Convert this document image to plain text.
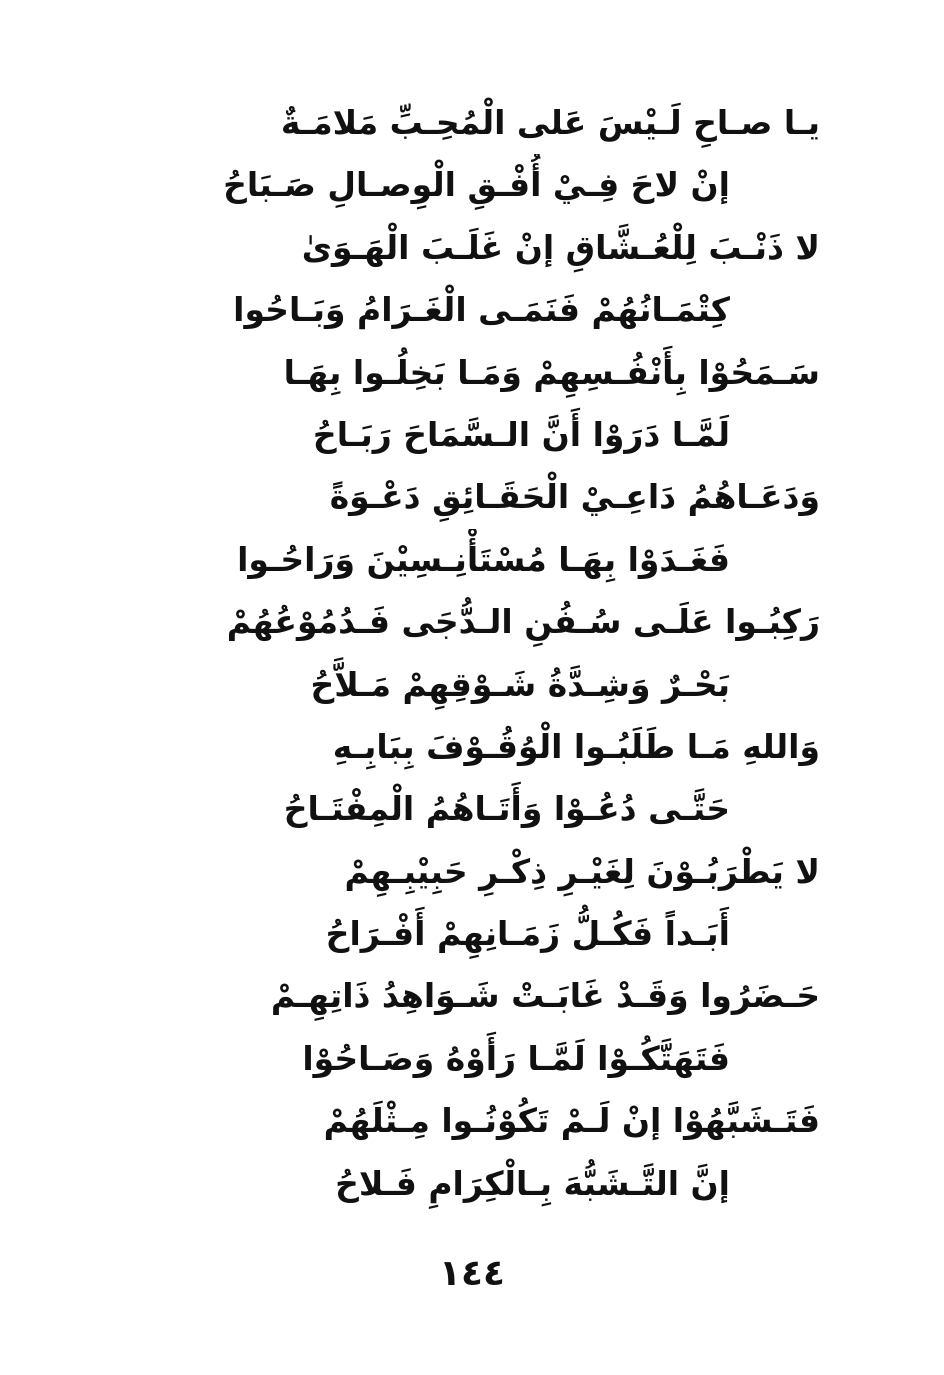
يـا صـاحِ لَـيْسَ عَلى الْمُحِـبِّ مَلامَـةٌ
إنْ لاحَ فِـيْ أُفْـقِ الْوِصـالِ صَـبَاحُ
لا ذَنْـبَ لِلْعُـشَّاقِ إنْ غَلَـبَ الْهَـوَىٰ
كِتْمَـانُهُمْ فَنَمَـى الْغَـرَامُ وَبَـاحُوا
سَـمَحُوْا بِأَنْفُـسِهِمْ وَمَـا بَخِلُـوا بِهَـا
لَمَّـا دَرَوْا أَنَّ الـسَّمَاحَ رَبَـاحُ
وَدَعَـاهُمُ دَاعِـيْ الْحَقَـائِقِ دَعْـوَةً
فَغَـدَوْا بِهَـا مُسْتَأْنِـسِيْنَ وَرَاحُـوا
رَكِبُـوا عَلَـى سُـفُنِ الـدُّجَى فَـدُمُوْعُهُمْ
بَحْـرٌ وَشِـدَّةُ شَـوْقِهِمْ مَـلاَّحُ
وَاللهِ مَـا طَلَبُـوا الْوُقُـوْفَ بِبَابِـهِ
حَتَّـى دُعُـوْا وَأَتَـاهُمُ الْمِفْتَـاحُ
لا يَطْرَبُـوْنَ لِغَيْـرِ ذِكْـرِ حَبِيْبِـهِمْ
أَبَـداً فَكُـلُّ زَمَـانِهِمْ أَفْـرَاحُ
حَـضَرُوا وَقَـدْ غَابَـتْ شَـوَاهِدُ ذَاتِهِـمْ
فَتَهَتَّكُـوْا لَمَّـا رَأَوْهُ وَصَـاحُوْا
فَتَـشَبَّهُوْا إنْ لَـمْ تَكُوْنُـوا مِـثْلَهُمْ
إنَّ التَّـشَبُّهَ بِـالْكِرَامِ فَـلاحُ
١٤٤
